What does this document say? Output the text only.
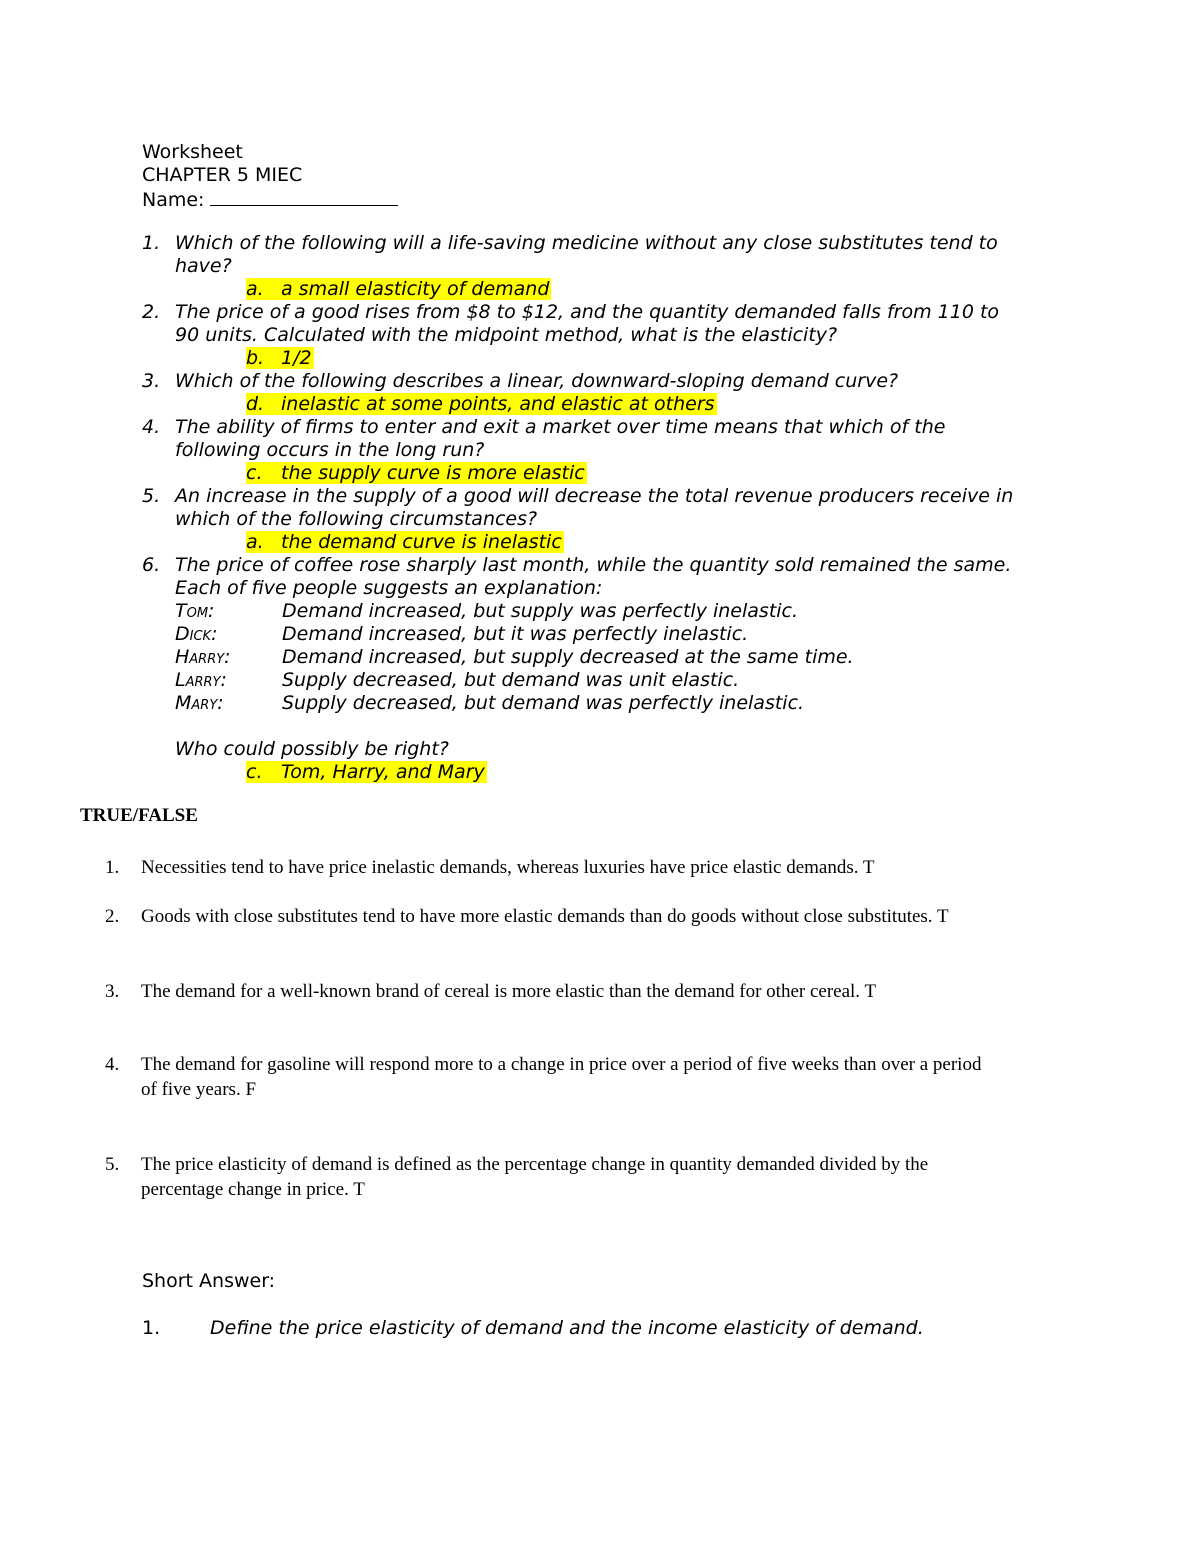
Worksheet
CHAPTER 5 MIEC
Name:
1. Which of the following will a life-saving medicine without any close substitutes tend to
have?
a. a small elasticity of demand
2. The price of a good rises from $8 to $12, and the quantity demanded falls from 110 to
90 units. Calculated with the midpoint method, what is the elasticity?
b. 1/2
3. Which of the following describes a linear, downward-sloping demand curve?
d. inelastic at some points, and elastic at others
4. The ability of firms to enter and exit a market over time means that which of the
following occurs in the long run?
c. the supply curve is more elastic
5. An increase in the supply of a good will decrease the total revenue producers receive in
which of the following circumstances?
a. the demand curve is inelastic
6. The price of coffee rose sharply last month, while the quantity sold remained the same.
Each of five people suggests an explanation:
Tom:	Demand increased, but supply was perfectly inelastic.
Dick:	Demand increased, but it was perfectly inelastic.
Harry:	Demand increased, but supply decreased at the same time.
Larry:	Supply decreased, but demand was unit elastic.
Mary:	Supply decreased, but demand was perfectly inelastic.
Who could possibly be right?
c. Tom, Harry, and Mary
TRUE/FALSE
1. Necessities tend to have price inelastic demands, whereas luxuries have price elastic demands. T
2. Goods with close substitutes tend to have more elastic demands than do goods without close substitutes. T
3. The demand for a well-known brand of cereal is more elastic than the demand for other cereal. T
4. The demand for gasoline will respond more to a change in price over a period of five weeks than over a period
of five years. F
5. The price elasticity of demand is defined as the percentage change in quantity demanded divided by the
percentage change in price. T
Short Answer:
1.	Define the price elasticity of demand and the income elasticity of demand.
